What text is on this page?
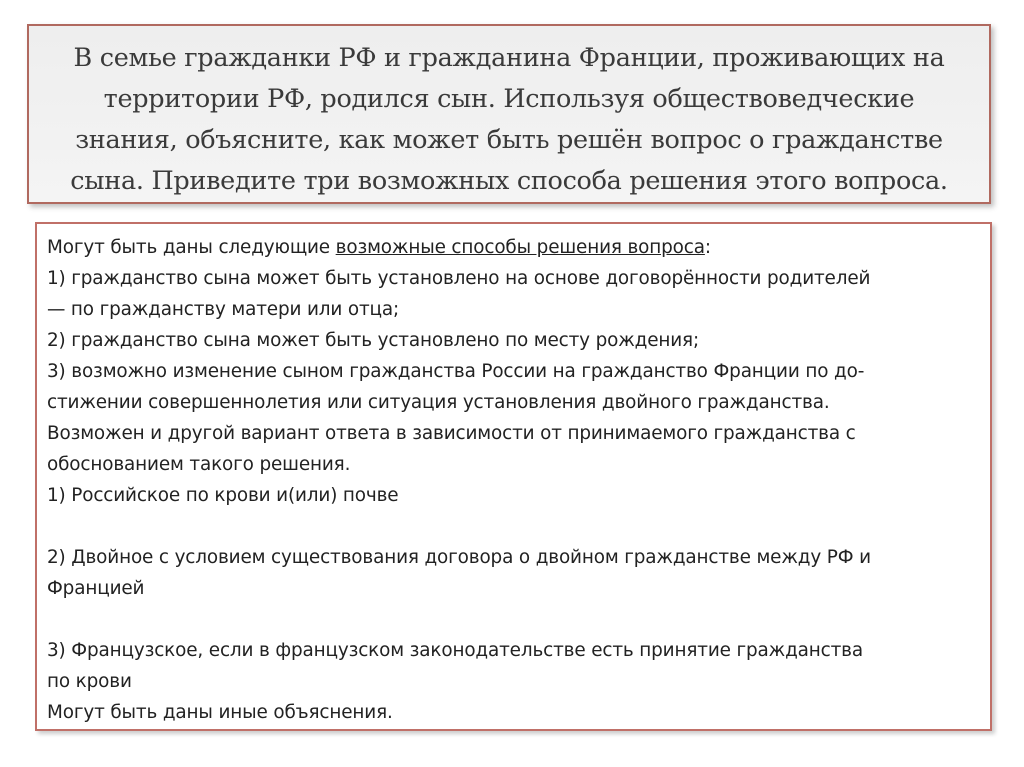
В семье гражданки РФ и гражданина Франции, проживающих на
территории РФ, родился сын. Используя обществоведческие
знания, объясните, как может быть решён вопрос о гражданстве
сына. Приведите три возможных способа решения этого вопроса.

Могут быть даны следующие возможные способы решения вопроса:
1) гражданство сына может быть установлено на основе договорённости родителей
— по гражданству матери или отца;
2) гражданство сына может быть установлено по месту рождения;
3) возможно изменение сыном гражданства России на гражданство Франции по до-
стижении совершеннолетия или ситуация установления двойного гражданства.
Возможен и другой вариант ответа в зависимости от принимаемого гражданства с
обоснованием такого решения.
1) Российское по крови и(или) почве
2) Двойное с условием существования договора о двойном гражданстве между РФ и
Францией
3) Французское, если в французском законодательстве есть принятие гражданства
по крови
Могут быть даны иные объяснения.
